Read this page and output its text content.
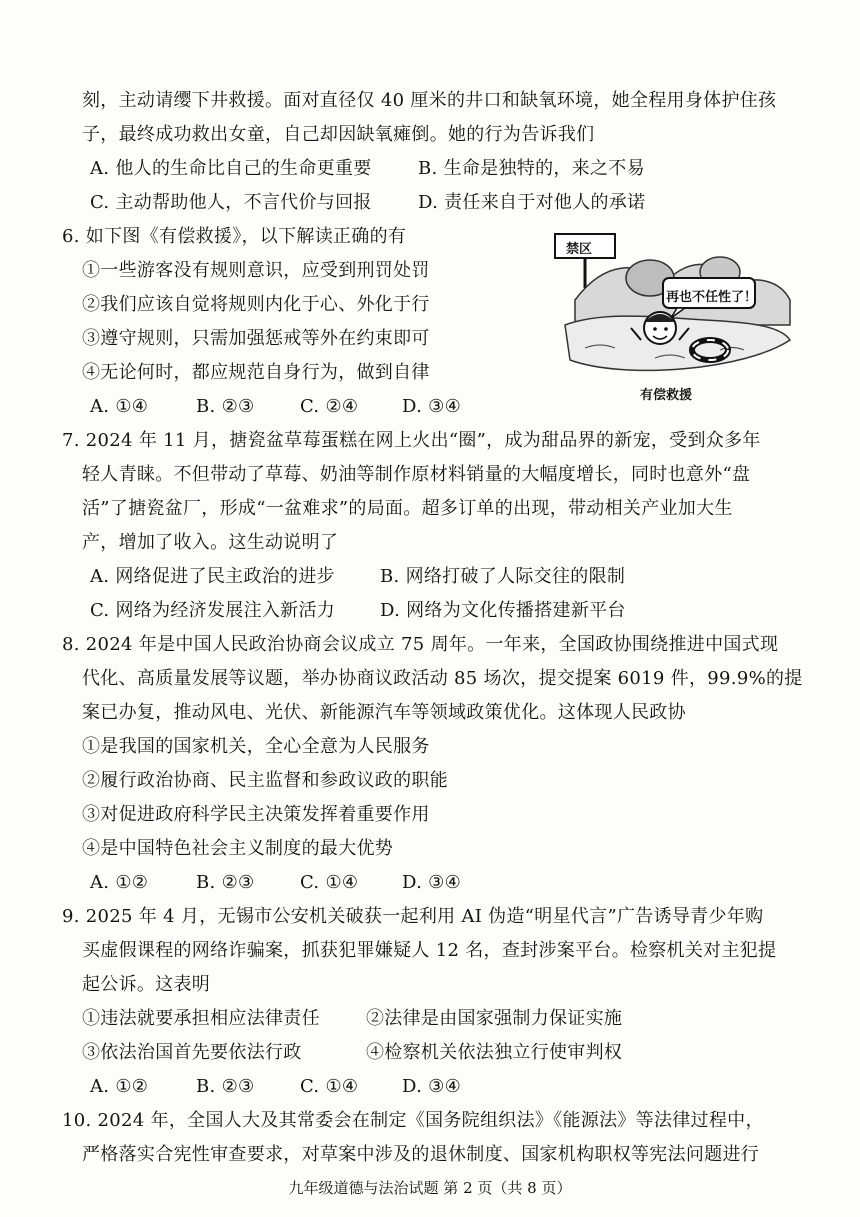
刻，主动请缨下井救援。面对直径仅 40 厘米的井口和缺氧环境，她全程用身体护住孩
子，最终成功救出女童，自己却因缺氧瘫倒。她的行为告诉我们
A. 他人的生命比自己的生命更重要	B. 生命是独特的，来之不易
C. 主动帮助他人，不言代价与回报	D. 责任来自于对他人的承诺
6. 如下图《有偿救援》，以下解读正确的有
①一些游客没有规则意识，应受到刑罚处罚
②我们应该自觉将规则内化于心、外化于行
③遵守规则，只需加强惩戒等外在约束即可
④无论何时，都应规范自身行为，做到自律
A. ①④	B. ②③	C. ②④ D. ③④
禁区
再也不任性了！
有偿救援
7. 2024 年 11 月，搪瓷盆草莓蛋糕在网上火出“圈”，成为甜品界的新宠，受到众多年
轻人青睐。不但带动了草莓、奶油等制作原材料销量的大幅度增长，同时也意外“盘
活”了搪瓷盆厂，形成“一盆难求”的局面。超多订单的出现，带动相关产业加大生
产，增加了收入。这生动说明了
A. 网络促进了民主政治的进步	B. 网络打破了人际交往的限制
C. 网络为经济发展注入新活力 D. 网络为文化传播搭建新平台
8. 2024 年是中国人民政治协商会议成立 75 周年。一年来，全国政协围绕推进中国式现
代化、高质量发展等议题，举办协商议政活动 85 场次，提交提案 6019 件，99.9%的提
案已办复，推动风电、光伏、新能源汽车等领域政策优化。这体现人民政协
①是我国的国家机关，全心全意为人民服务
②履行政治协商、民主监督和参政议政的职能
③对促进政府科学民主决策发挥着重要作用
④是中国特色社会主义制度的最大优势
A. ①②	B. ②③	C. ①④ D. ③④
9. 2025 年 4 月，无锡市公安机关破获一起利用 AI 伪造“明星代言”广告诱导青少年购
买虚假课程的网络诈骗案，抓获犯罪嫌疑人 12 名，查封涉案平台。检察机关对主犯提
起公诉。这表明
①违法就要承担相应法律责任	②法律是由国家强制力保证实施
③依法治国首先要依法行政	④检察机关依法独立行使审判权
A. ①②	B. ②③	C. ①④ D. ③④
10. 2024 年，全国人大及其常委会在制定《国务院组织法》《能源法》等法律过程中，
严格落实合宪性审查要求，对草案中涉及的退休制度、国家机构职权等宪法问题进行
九年级道德与法治试题 第 2 页（共 8 页）
